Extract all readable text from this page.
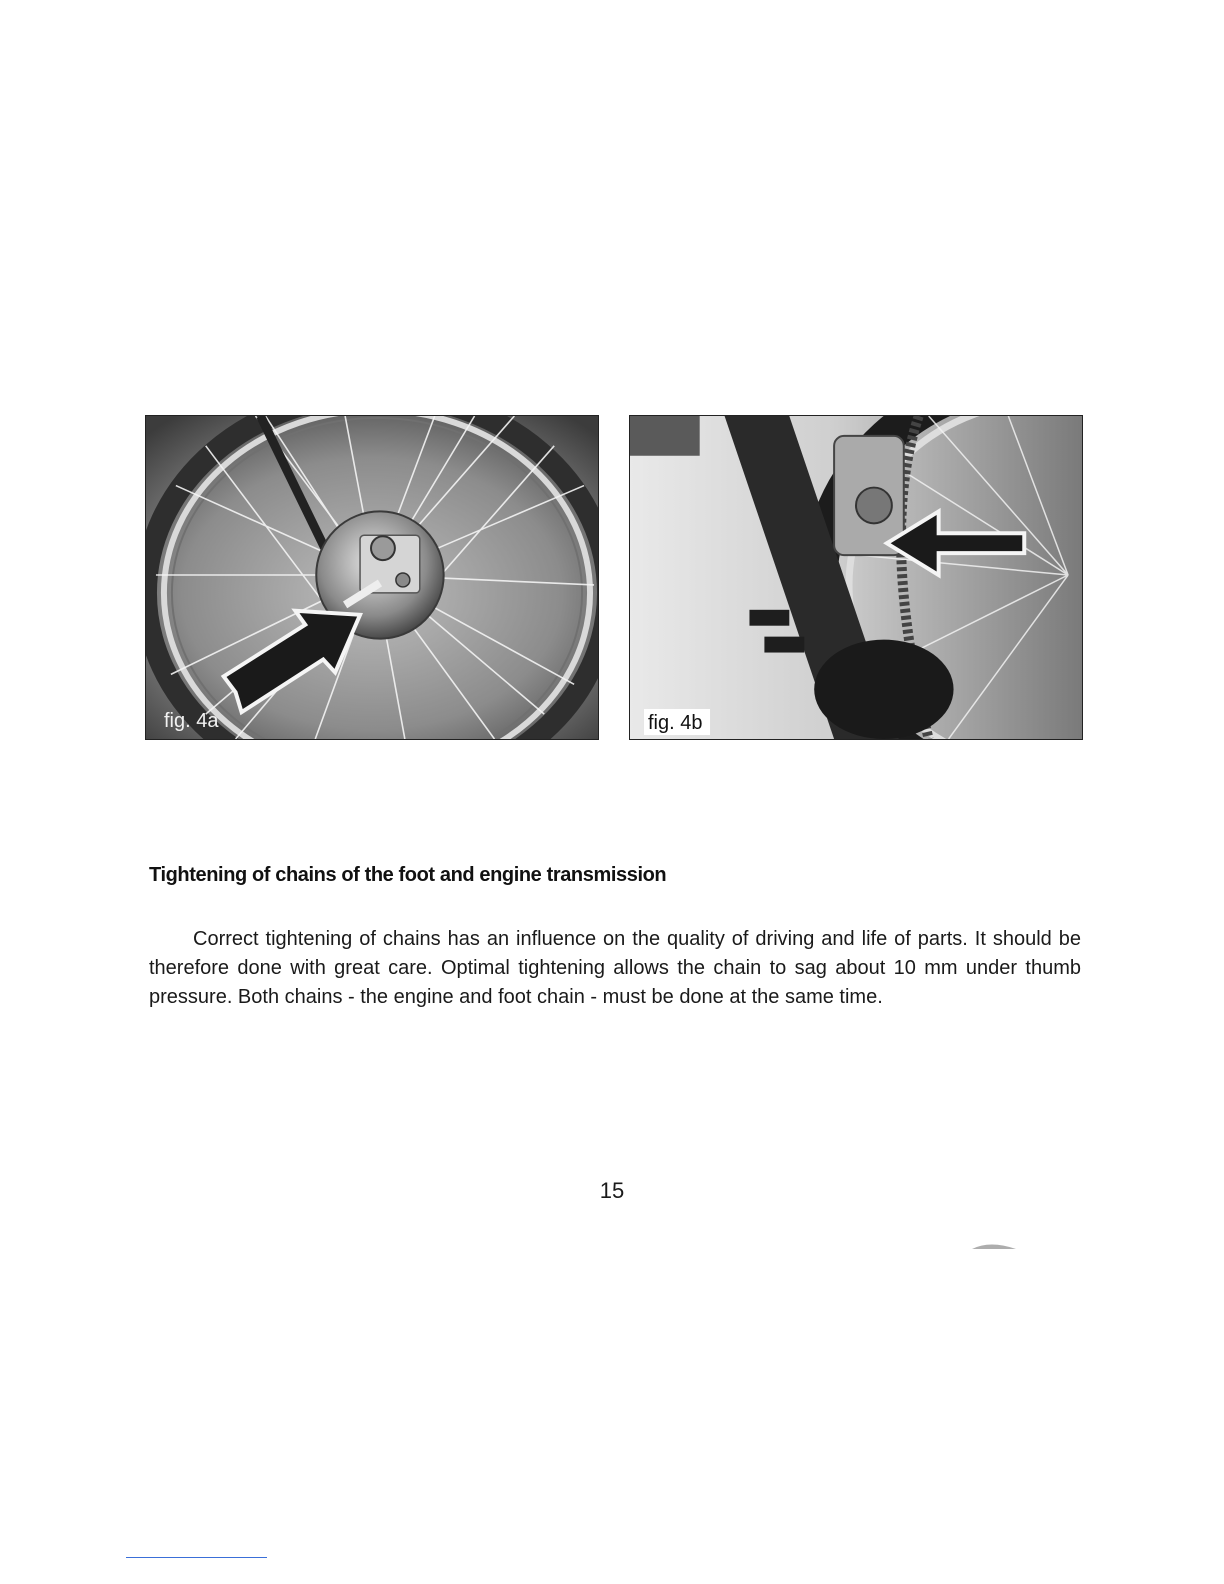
fig. 4a	fig. 4b
Tightening of chains of the foot and engine transmission

Correct tightening of chains has an influence on the quality of driving and life of parts. It should be therefore done with great care. Optimal tightening allows the chain to sag about 10 mm under thumb pressure. Both chains - the engine and foot chain - must be done at the same time.

15
